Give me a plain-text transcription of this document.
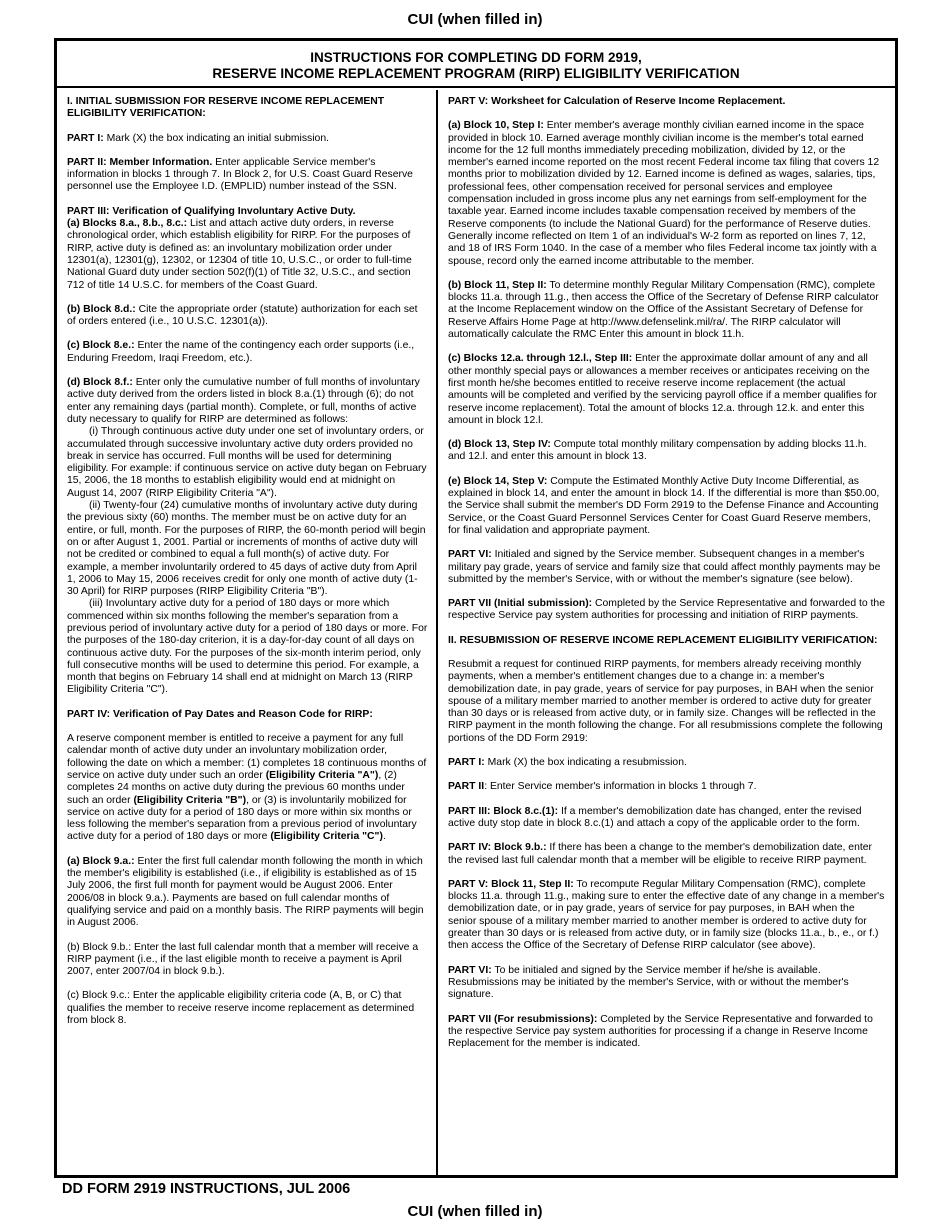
CUI (when filled in)
INSTRUCTIONS FOR COMPLETING DD FORM 2919,
RESERVE INCOME REPLACEMENT PROGRAM (RIRP) ELIGIBILITY VERIFICATION
I. INITIAL SUBMISSION FOR RESERVE INCOME REPLACEMENT ELIGIBILITY VERIFICATION:

PART I: Mark (X) the box indicating an initial submission.

PART II: Member Information. Enter applicable Service member's information in blocks 1 through 7. In Block 2, for U.S. Coast Guard Reserve personnel use the Employee I.D. (EMPLID) number instead of the SSN.

PART III: Verification of Qualifying Involuntary Active Duty.
(a) Blocks 8.a., 8.b., 8.c.: List and attach active duty orders, in reverse chronological order, which establish eligibility for RIRP. For the purposes of RIRP, active duty is defined as: an involuntary mobilization order under 12301(a), 12301(g), 12302, or 12304 of title 10, U.S.C., or order to full-time National Guard duty under section 502(f)(1) of Title 32, U.S.C., and section 712 of title 14 U.S.C. for members of the Coast Guard.

(b) Block 8.d.: Cite the appropriate order (statute) authorization for each set of orders entered (i.e., 10 U.S.C. 12301(a)).

(c) Block 8.e.: Enter the name of the contingency each order supports (i.e., Enduring Freedom, Iraqi Freedom, etc.).

(d) Block 8.f.: Enter only the cumulative number of full months of involuntary active duty derived from the orders listed in block 8.a.(1) through (6); do not enter any remaining days (partial month). Complete, or full, months of active duty necessary to qualify for RIRP are determined as follows:

(i) Through continuous active duty under one set of involuntary orders, or accumulated through successive involuntary active duty orders provided no break in service has occurred. Full months will be used for determining eligibility. For example: if continuous service on active duty began on February 15, 2006, the 18 months to establish eligibility would end at midnight on August 14, 2007 (RIRP Eligibility Criteria "A").

(ii) Twenty-four (24) cumulative months of involuntary active duty during the previous sixty (60) months. The member must be on active duty for an entire, or full, month. For the purposes of RIRP, the 60-month period will begin on or after August 1, 2001. Partial or increments of months of active duty will not be credited or combined to equal a full month(s) of active duty. For example, a member involuntarily ordered to 45 days of active duty from April 1, 2006 to May 15, 2006 receives credit for only one month of active duty (1-30 April) for RIRP purposes (RIRP Eligibility Criteria "B").

(iii) Involuntary active duty for a period of 180 days or more which commenced within six months following the member's separation from a previous period of involuntary active duty for a period of 180 days or more. For the purposes of the 180-day criterion, it is a day-for-day count of all days on continuous active duty. For the purposes of the six-month interim period, only full consecutive months will be used to determine this period. For example, a month that begins on February 14 shall end at midnight on March 13 (RIRP Eligibility Criteria "C").

PART IV: Verification of Pay Dates and Reason Code for RIRP:

A reserve component member is entitled to receive a payment for any full calendar month of active duty under an involuntary mobilization order, following the date on which a member: (1) completes 18 continuous months of service on active duty under such an order (Eligibility Criteria "A"), (2) completes 24 months on active duty during the previous 60 months under such an order (Eligibility Criteria "B"), or (3) is involuntarily mobilized for service on active duty for a period of 180 days or more within six months or less following the member's separation from a previous period of involuntary active duty for a period of 180 days or more (Eligibility Criteria "C").

(a) Block 9.a.: Enter the first full calendar month following the month in which the member's eligibility is established (i.e., if eligibility is established as of 15 July 2006, the first full month for payment would be August 2006. Enter 2006/08 in block 9.a.). Payments are based on full calendar months of qualifying service and paid on a monthly basis. The RIRP payments will begin in August 2006.

(b) Block 9.b.: Enter the last full calendar month that a member will receive a RIRP payment (i.e., if the last eligible month to receive a payment is April 2007, enter 2007/04 in block 9.b.).

(c) Block 9.c.: Enter the applicable eligibility criteria code (A, B, or C) that qualifies the member to receive reserve income replacement as determined from block 8.

PART V: Worksheet for Calculation of Reserve Income Replacement.

(a) Block 10, Step I: Enter member's average monthly civilian earned income in the space provided in block 10. Earned average monthly civilian income is the member's total earned income for the 12 full months immediately preceding mobilization, divided by 12, or the member's earned income reported on the most recent Federal income tax filing that covers 12 months prior to mobilization divided by 12. Earned income is defined as wages, salaries, tips, professional fees, other compensation received for personal services and employee compensation included in gross income plus any net earnings from self-employment for the taxable year. Earned income includes taxable compensation received by members of the Reserve components (to include the National Guard) for the performance of Reserve duties. Generally income reflected on Item 1 of an individual's W-2 form as reported on lines 7, 12, and 18 of IRS Form 1040. In the case of a member who files Federal income tax jointly with a spouse, record only the earned income attributable to the member.

(b) Block 11, Step II: To determine monthly Regular Military Compensation (RMC), complete blocks 11.a. through 11.g., then access the Office of the Secretary of Defense RIRP calculator at the Income Replacement window on the Office of the Assistant Secretary of Defense for Reserve Affairs Home Page at http://www.defenselink.mil/ra/. The RIRP calculator will automatically calculate the RMC Enter this amount in block 11.h.

(c) Blocks 12.a. through 12.l., Step III: Enter the approximate dollar amount of any and all other monthly special pays or allowances a member receives or anticipates receiving on the first month he/she becomes entitled to receive reserve income replacement (the actual amounts will be completed and verified by the servicing payroll office if a member qualifies for reserve income replacement). Total the amount of blocks 12.a. through 12.k. and enter this amount in block 12.l.

(d) Block 13, Step IV: Compute total monthly military compensation by adding blocks 11.h. and 12.l. and enter this amount in block 13.

(e) Block 14, Step V: Compute the Estimated Monthly Active Duty Income Differential, as explained in block 14, and enter the amount in block 14. If the differential is more than $50.00, the Service shall submit the member's DD Form 2919 to the Defense Finance and Accounting Service, or the Coast Guard Personnel Services Center for Coast Guard Reserve members, for final validation and appropriate payment.

PART VI: Initialed and signed by the Service member. Subsequent changes in a member's military pay grade, years of service and family size that could affect monthly payments may be submitted by the member's Service, with or without the member's signature (see below).

PART VII (Initial submission): Completed by the Service Representative and forwarded to the respective Service pay system authorities for processing and initiation of RIRP payments.

II. RESUBMISSION OF RESERVE INCOME REPLACEMENT ELIGIBILITY VERIFICATION:

Resubmit a request for continued RIRP payments, for members already receiving monthly payments, when a member's entitlement changes due to a change in: a member's demobilization date, in pay grade, years of service for pay purposes, in BAH when the senior spouse of a military member married to another member is ordered to active duty for greater than 30 days or is released from active duty, or in family size. Changes will be reflected in the RIRP payment in the month following the change. For all resubmissions complete the following portions of the DD Form 2919:

PART I: Mark (X) the box indicating a resubmission.

PART II: Enter Service member's information in blocks 1 through 7.

PART III: Block 8.c.(1): If a member's demobilization date has changed, enter the revised active duty stop date in block 8.c.(1) and attach a copy of the applicable order to the form.

PART IV: Block 9.b.: If there has been a change to the member's demobilization date, enter the revised last full calendar month that a member will be eligible to receive RIRP payment.

PART V: Block 11, Step II: To recompute Regular Military Compensation (RMC), complete blocks 11.a. through 11.g., making sure to enter the effective date of any change in a member's demobilization date, or in pay grade, years of service for pay purposes, in BAH when the senior spouse of a military member married to another member is ordered to active duty for greater than 30 days or is released from active duty, or in family size (blocks 11.a., b., e., or f.) then access the Office of the Secretary of Defense RIRP calculator (see above).

PART VI: To be initialed and signed by the Service member if he/she is available. Resubmissions may be initiated by the member's Service, with or without the member's signature.

PART VII (For resubmissions): Completed by the Service Representative and forwarded to the respective Service pay system authorities for processing if a change in Reserve Income Replacement for the member is indicated.

DD FORM 2919 INSTRUCTIONS, JUL 2006
CUI (when filled in)
